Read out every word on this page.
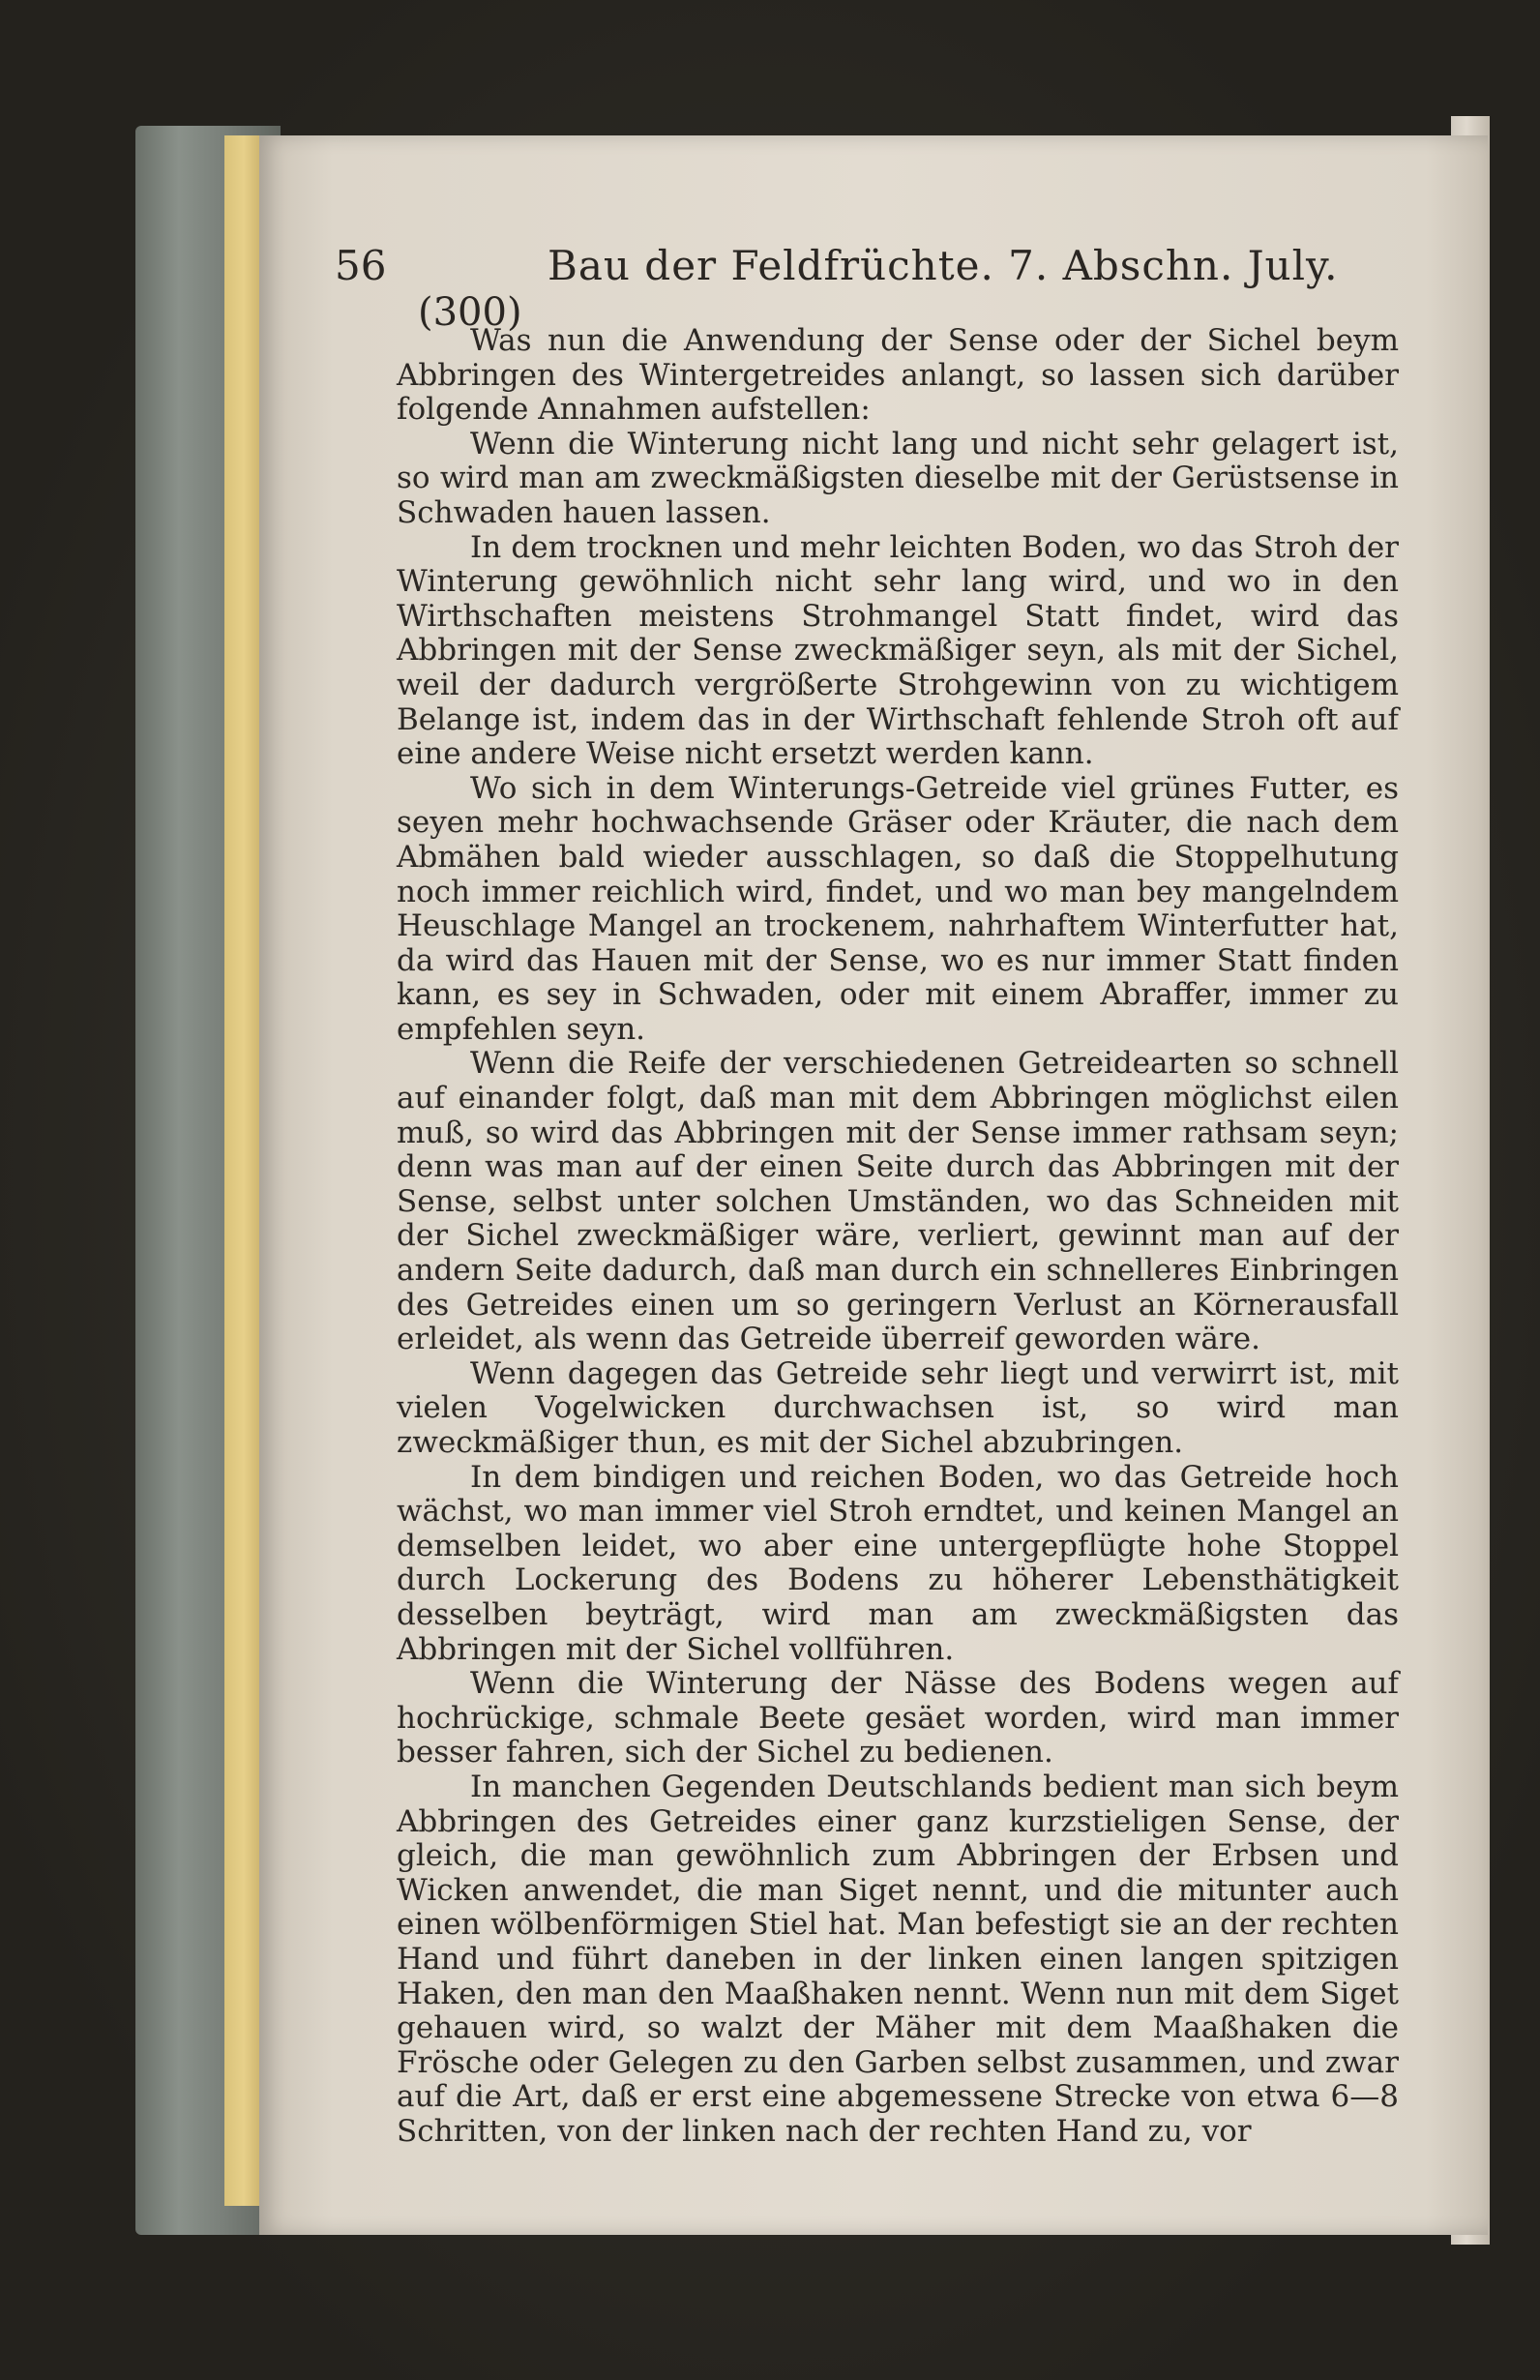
56	Bau der Feldfrüchte. 7. Abschn. July.
(300)

Was nun die Anwendung der Sense oder der Sichel beym Abbringen des Wintergetreides anlangt, so lassen sich darüber folgende Annahmen aufstellen:

Wenn die Winterung nicht lang und nicht sehr gelagert ist, so wird man am zweckmäßigsten dieselbe mit der Gerüstsense in Schwaden hauen lassen.

In dem trocknen und mehr leichten Boden, wo das Stroh der Winterung gewöhnlich nicht sehr lang wird, und wo in den Wirthschaften meistens Strohmangel Statt findet, wird das Abbringen mit der Sense zweckmäßiger seyn, als mit der Sichel, weil der dadurch vergrößerte Strohgewinn von zu wichtigem Belange ist, indem das in der Wirthschaft fehlende Stroh oft auf eine andere Weise nicht ersetzt werden kann.

Wo sich in dem Winterungs-Getreide viel grünes Futter, es seyen mehr hochwachsende Gräser oder Kräuter, die nach dem Abmähen bald wieder ausschlagen, so daß die Stoppelhutung noch immer reichlich wird, findet, und wo man bey mangelndem Heuschlage Mangel an trockenem, nahrhaftem Winterfutter hat, da wird das Hauen mit der Sense, wo es nur immer Statt finden kann, es sey in Schwaden, oder mit einem Abraffer, immer zu empfehlen seyn.

Wenn die Reife der verschiedenen Getreidearten so schnell auf einander folgt, daß man mit dem Abbringen möglichst eilen muß, so wird das Abbringen mit der Sense immer rathsam seyn; denn was man auf der einen Seite durch das Abbringen mit der Sense, selbst unter solchen Umständen, wo das Schneiden mit der Sichel zweckmäßiger wäre, verliert, gewinnt man auf der andern Seite dadurch, daß man durch ein schnelleres Einbringen des Getreides einen um so geringern Verlust an Körnerausfall erleidet, als wenn das Getreide überreif geworden wäre.

Wenn dagegen das Getreide sehr liegt und verwirrt ist, mit vielen Vogelwicken durchwachsen ist, so wird man zweckmäßiger thun, es mit der Sichel abzubringen.

In dem bindigen und reichen Boden, wo das Getreide hoch wächst, wo man immer viel Stroh erndtet, und keinen Mangel an demselben leidet, wo aber eine untergepflügte hohe Stoppel durch Lockerung des Bodens zu höherer Lebensthätigkeit desselben beyträgt, wird man am zweckmäßigsten das Abbringen mit der Sichel vollführen.

Wenn die Winterung der Nässe des Bodens wegen auf hochrückige, schmale Beete gesäet worden, wird man immer besser fahren, sich der Sichel zu bedienen.

In manchen Gegenden Deutschlands bedient man sich beym Abbringen des Getreides einer ganz kurzstieligen Sense, der gleich, die man gewöhnlich zum Abbringen der Erbsen und Wicken anwendet, die man Siget nennt, und die mitunter auch einen wölbenförmigen Stiel hat. Man befestigt sie an der rechten Hand und führt daneben in der linken einen langen spitzigen Haken, den man den Maaßhaken nennt. Wenn nun mit dem Siget gehauen wird, so walzt der Mäher mit dem Maaßhaken die Frösche oder Gelegen zu den Garben selbst zusammen, und zwar auf die Art, daß er erst eine abgemessene Strecke von etwa 6—8 Schritten, von der linken nach der rechten Hand zu, vor
